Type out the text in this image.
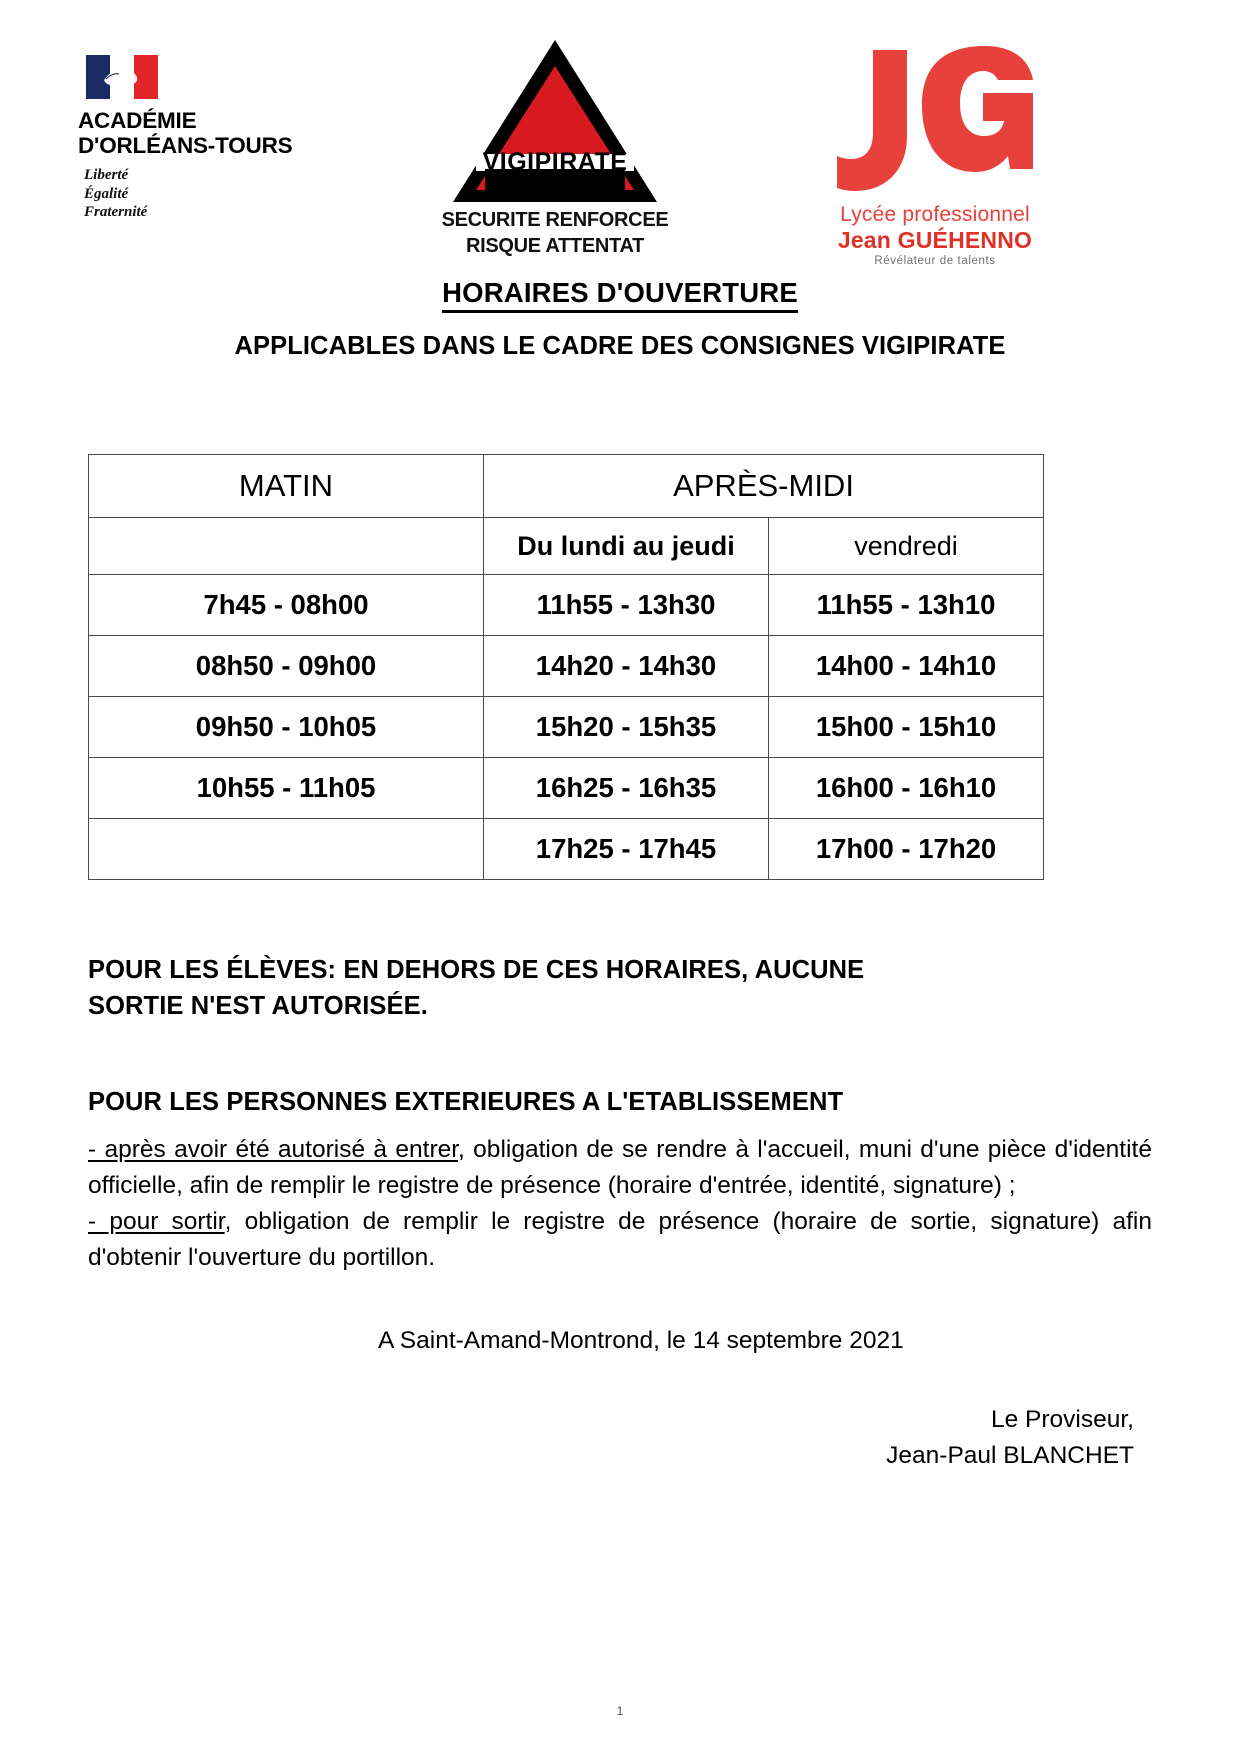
ACADÉMIE
D'ORLÉANS-TOURS
Liberté
Égalité
Fraternité
VIGIPIRATE
SECURITE RENFORCEE
RISQUE ATTENTAT
Lycée professionnel
Jean GUÉHENNO
Révélateur de talents
HORAIRES D'OUVERTURE
APPLICABLES DANS LE CADRE DES CONSIGNES VIGIPIRATE
MATIN	APRÈS-MIDI	
	Du lundi au jeudi	vendredi
7h45 - 08h00	11h55 - 13h30	11h55 - 13h10
08h50 - 09h00	14h20 - 14h30	14h00 - 14h10
09h50 - 10h05	15h20 - 15h35	15h00 - 15h10
10h55 - 11h05	16h25 - 16h35	16h00 - 16h10
	17h25 - 17h45	17h00 - 17h20

POUR LES ÉLÈVES: EN DEHORS DE CES HORAIRES, AUCUNE
SORTIE N'EST AUTORISÉE.

POUR LES PERSONNES EXTERIEURES A L'ETABLISSEMENT

- après avoir été autorisé à entrer, obligation de se rendre à l'accueil, muni d'une pièce d'identité officielle, afin de remplir le registre de présence (horaire d'entrée, identité, signature) ;
- pour sortir, obligation de remplir le registre de présence (horaire de sortie, signature) afin d'obtenir l'ouverture du portillon.

A Saint-Amand-Montrond, le 14 septembre 2021

Le Proviseur,
Jean-Paul BLANCHET

1
